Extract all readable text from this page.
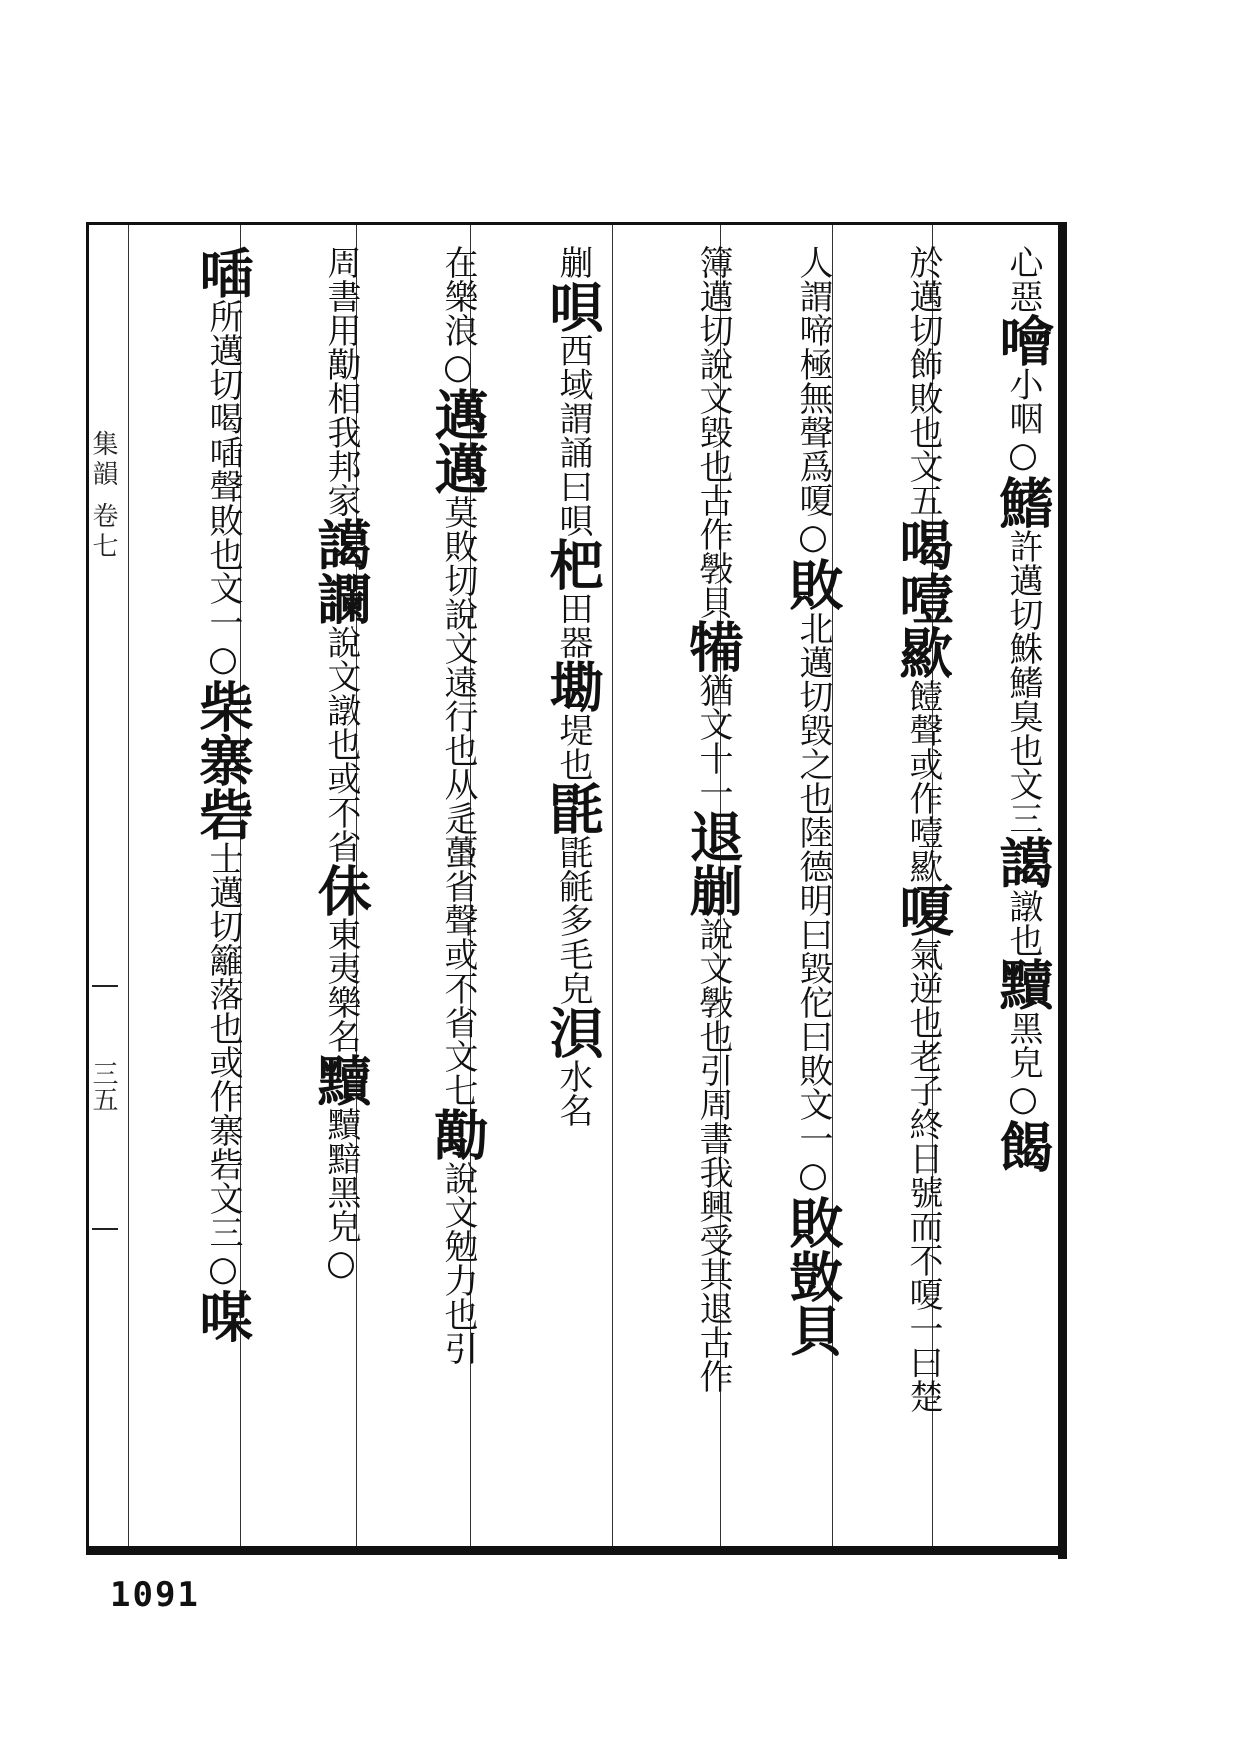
集韻 卷七
三五
心惡噲小咽○鰭許邁切鮢鰭臭也文三譪譈也黷黑皃○餲
於邁切飾敗也文五喝噎歞饐聲或作噎歞嗄氣逆也老子終日號而不嗄一曰楚
人謂啼極無聲爲嗄○敗北邁切毀之也陸德明曰毀佗曰敗文一○敗敳貝
簿邁切說文毀也古作斅貝犕猶文十一退剻說文斅也引周書我興受其退古作
剻唄西域謂誦曰唄杷田器墈堤也毷毷毹多毛皃浿水名
在樂浪○邁邁莫敗切說文遠行也从辵蠆省聲或不省文七勱說文勉力也引
周書用勱相我邦家譪讕說文譈也或不省佅東夷樂名黷黷黯黑皃○
喢所邁切喝喢聲敗也文一○柴寨砦士邁切籬落也或作寨砦文三○㖼
1091
